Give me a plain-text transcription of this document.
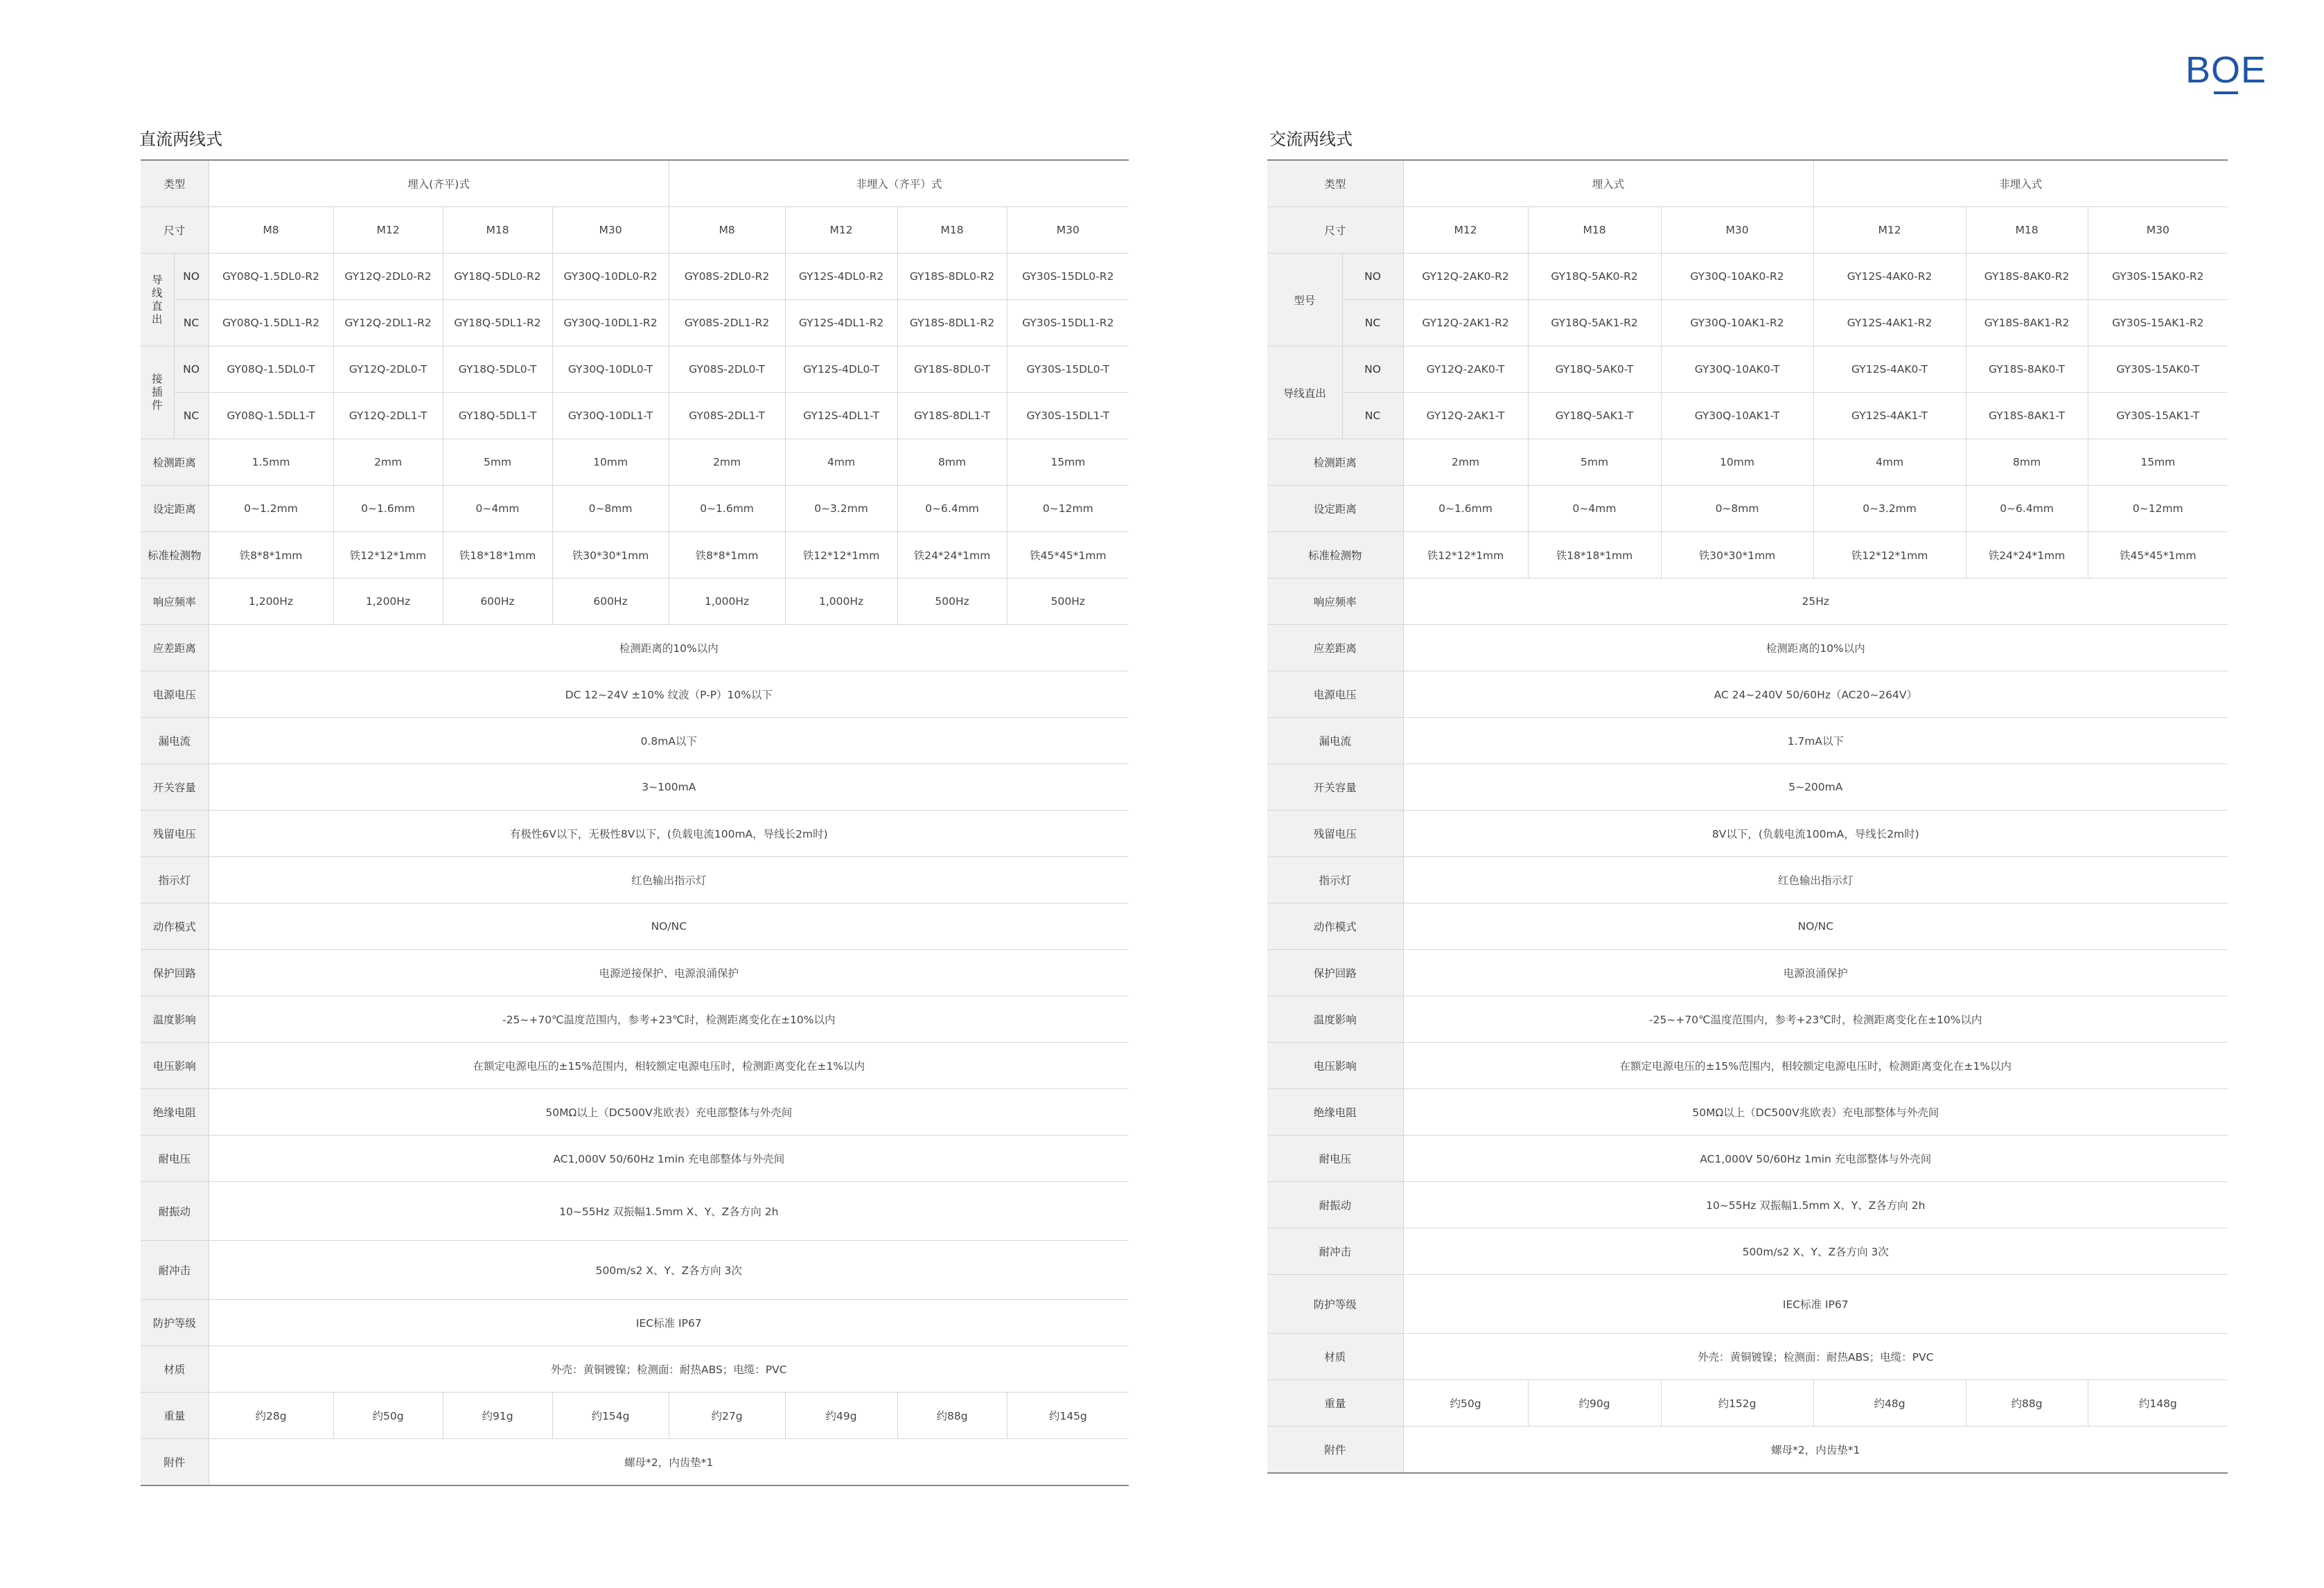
BOE
直流两线式	交流两线式
类型		埋入(齐平)式				非埋入（齐平）式			
尺寸		M8	M12	M18	M30	M8	M12	M18	M30
导
线
直
出	NO	GY08Q-1.5DL0-R2	GY12Q-2DL0-R2	GY18Q-5DL0-R2	GY30Q-10DL0-R2	GY08S-2DL0-R2	GY12S-4DL0-R2	GY18S-8DL0-R2	GY30S-15DL0-R2
	NC	GY08Q-1.5DL1-R2	GY12Q-2DL1-R2	GY18Q-5DL1-R2	GY30Q-10DL1-R2	GY08S-2DL1-R2	GY12S-4DL1-R2	GY18S-8DL1-R2	GY30S-15DL1-R2
接
插
件	NO	GY08Q-1.5DL0-T	GY12Q-2DL0-T	GY18Q-5DL0-T	GY30Q-10DL0-T	GY08S-2DL0-T	GY12S-4DL0-T	GY18S-8DL0-T	GY30S-15DL0-T
	NC	GY08Q-1.5DL1-T	GY12Q-2DL1-T	GY18Q-5DL1-T	GY30Q-10DL1-T	GY08S-2DL1-T	GY12S-4DL1-T	GY18S-8DL1-T	GY30S-15DL1-T
检测距离		1.5mm	2mm	5mm	10mm	2mm	4mm	8mm	15mm
设定距离		0~1.2mm	0~1.6mm	0~4mm	0~8mm	0~1.6mm	0~3.2mm	0~6.4mm	0~12mm
标准检测物		铁8*8*1mm	铁12*12*1mm	铁18*18*1mm	铁30*30*1mm	铁8*8*1mm	铁12*12*1mm	铁24*24*1mm	铁45*45*1mm
响应频率		1,200Hz	1,200Hz	600Hz	600Hz	1,000Hz	1,000Hz	500Hz	500Hz
应差距离		检测距离的10%以内							
电源电压		DC 12~24V ±10% 纹波（P-P）10%以下							
漏电流		0.8mA以下							
开关容量		3~100mA							
残留电压		有极性6V以下，无极性8V以下，(负载电流100mA，导线长2m时)							
指示灯		红色输出指示灯							
动作模式		NO/NC							
保护回路		电源逆接保护、电源浪涌保护							
温度影响		-25~+70℃温度范围内，参考+23℃时，检测距离变化在±10%以内							
电压影响		在额定电源电压的±15%范围内，相较额定电源电压时，检测距离变化在±1%以内							
绝缘电阻		50MΩ以上（DC500V兆欧表）充电部整体与外壳间							
耐电压		AC1,000V 50/60Hz 1min 充电部整体与外壳间							
耐振动		10~55Hz 双振幅1.5mm X、Y、Z各方向 2h							
耐冲击		500m/s2 X、Y、Z各方向 3次							
防护等级		IEC标准 IP67							
材质		外壳：黄铜镀镍；检测面：耐热ABS；电缆：PVC							
重量		约28g	约50g	约91g	约154g	约27g	约49g	约88g	约145g
附件		螺母*2，内齿垫*1							
类型		埋入式			非埋入式		
尺寸		M12	M18	M30	M12	M18	M30
型号	NO	GY12Q-2AK0-R2	GY18Q-5AK0-R2	GY30Q-10AK0-R2	GY12S-4AK0-R2	GY18S-8AK0-R2	GY30S-15AK0-R2
	NC	GY12Q-2AK1-R2	GY18Q-5AK1-R2	GY30Q-10AK1-R2	GY12S-4AK1-R2	GY18S-8AK1-R2	GY30S-15AK1-R2
导线直出	NO	GY12Q-2AK0-T	GY18Q-5AK0-T	GY30Q-10AK0-T	GY12S-4AK0-T	GY18S-8AK0-T	GY30S-15AK0-T
	NC	GY12Q-2AK1-T	GY18Q-5AK1-T	GY30Q-10AK1-T	GY12S-4AK1-T	GY18S-8AK1-T	GY30S-15AK1-T
检测距离		2mm	5mm	10mm	4mm	8mm	15mm
设定距离		0~1.6mm	0~4mm	0~8mm	0~3.2mm	0~6.4mm	0~12mm
标准检测物		铁12*12*1mm	铁18*18*1mm	铁30*30*1mm	铁12*12*1mm	铁24*24*1mm	铁45*45*1mm
响应频率		25Hz					
应差距离		检测距离的10%以内					
电源电压		AC 24~240V 50/60Hz（AC20~264V）					
漏电流		1.7mA以下					
开关容量		5~200mA					
残留电压		8V以下，(负载电流100mA，导线长2m时)					
指示灯		红色输出指示灯					
动作模式		NO/NC					
保护回路		电源浪涌保护					
温度影响		-25~+70℃温度范围内，参考+23℃时，检测距离变化在±10%以内					
电压影响		在额定电源电压的±15%范围内，相较额定电源电压时，检测距离变化在±1%以内					
绝缘电阻		50MΩ以上（DC500V兆欧表）充电部整体与外壳间					
耐电压		AC1,000V 50/60Hz 1min 充电部整体与外壳间					
耐振动		10~55Hz 双振幅1.5mm X、Y、Z各方向 2h					
耐冲击		500m/s2 X、Y、Z各方向 3次					
防护等级		IEC标准 IP67					
材质		外壳：黄铜镀镍；检测面：耐热ABS；电缆：PVC					
重量		约50g	约90g	约152g	约48g	约88g	约148g
附件		螺母*2，内齿垫*1					
